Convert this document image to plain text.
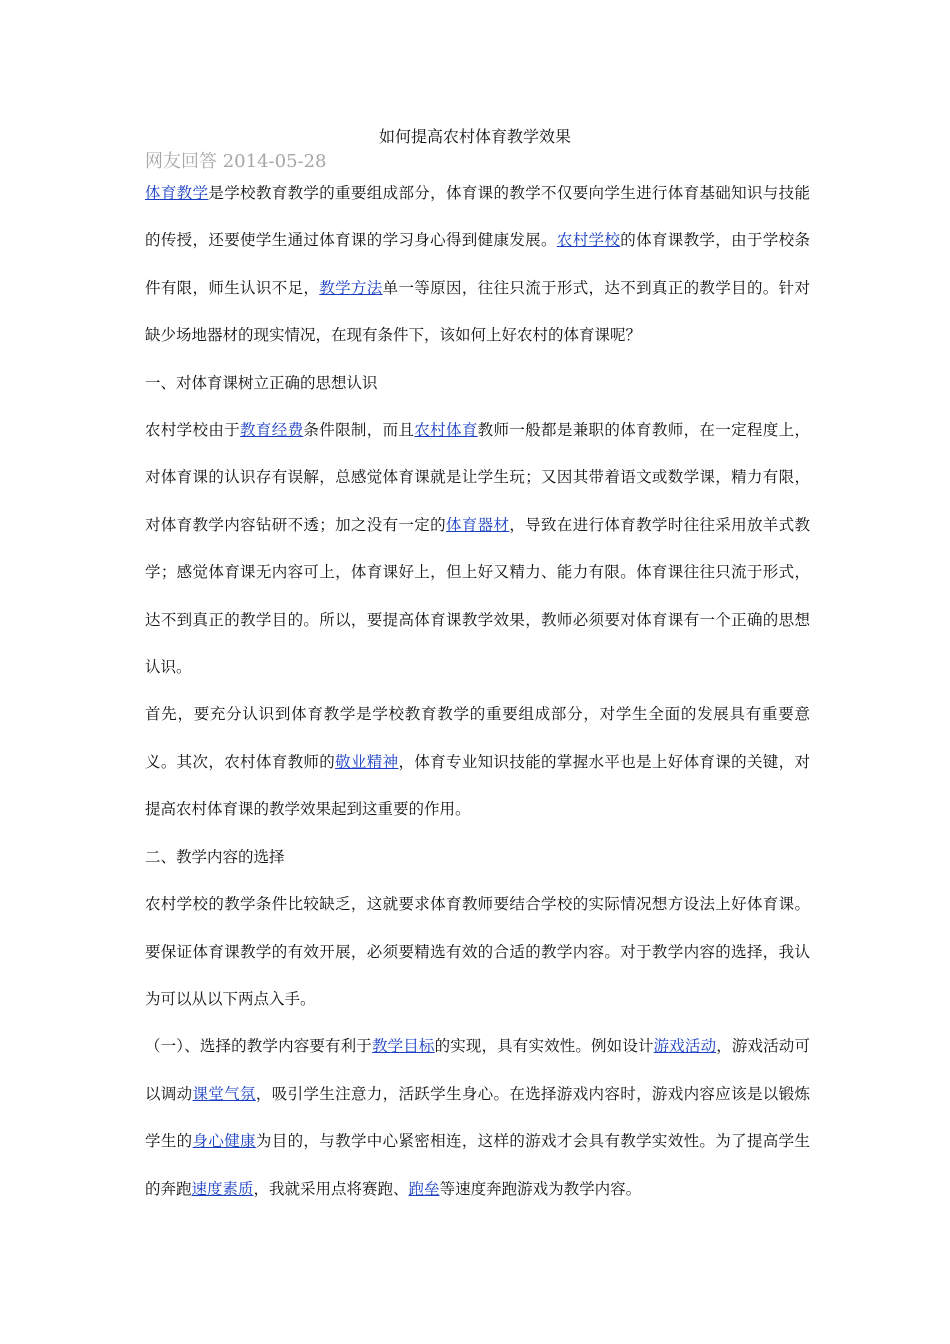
如何提高农村体育教学效果
网友回答 2014-05-28

体育教学是学校教育教学的重要组成部分，体育课的教学不仅要向学生进行体育基础知识与技能的传授，还要使学生通过体育课的学习身心得到健康发展。农村学校的体育课教学，由于学校条件有限，师生认识不足，教学方法单一等原因，往往只流于形式，达不到真正的教学目的。针对缺少场地器材的现实情况，在现有条件下，该如何上好农村的体育课呢？

一、对体育课树立正确的思想认识

农村学校由于教育经费条件限制，而且农村体育教师一般都是兼职的体育教师，在一定程度上，对体育课的认识存有误解，总感觉体育课就是让学生玩；又因其带着语文或数学课，精力有限，对体育教学内容钻研不透；加之没有一定的体育器材，导致在进行体育教学时往往采用放羊式教学；感觉体育课无内容可上，体育课好上，但上好又精力、能力有限。体育课往往只流于形式，达不到真正的教学目的。所以，要提高体育课教学效果，教师必须要对体育课有一个正确的思想认识。

首先，要充分认识到体育教学是学校教育教学的重要组成部分，对学生全面的发展具有重要意义。其次，农村体育教师的敬业精神，体育专业知识技能的掌握水平也是上好体育课的关键，对提高农村体育课的教学效果起到这重要的作用。

二、教学内容的选择

农村学校的教学条件比较缺乏，这就要求体育教师要结合学校的实际情况想方设法上好体育课。要保证体育课教学的有效开展，必须要精选有效的合适的教学内容。对于教学内容的选择，我认为可以从以下两点入手。

（一）、选择的教学内容要有利于教学目标的实现，具有实效性。例如设计游戏活动，游戏活动可以调动课堂气氛，吸引学生注意力，活跃学生身心。在选择游戏内容时，游戏内容应该是以锻炼学生的身心健康为目的，与教学中心紧密相连，这样的游戏才会具有教学实效性。为了提高学生的奔跑速度素质，我就采用点将赛跑、跑垒等速度奔跑游戏为教学内容。
